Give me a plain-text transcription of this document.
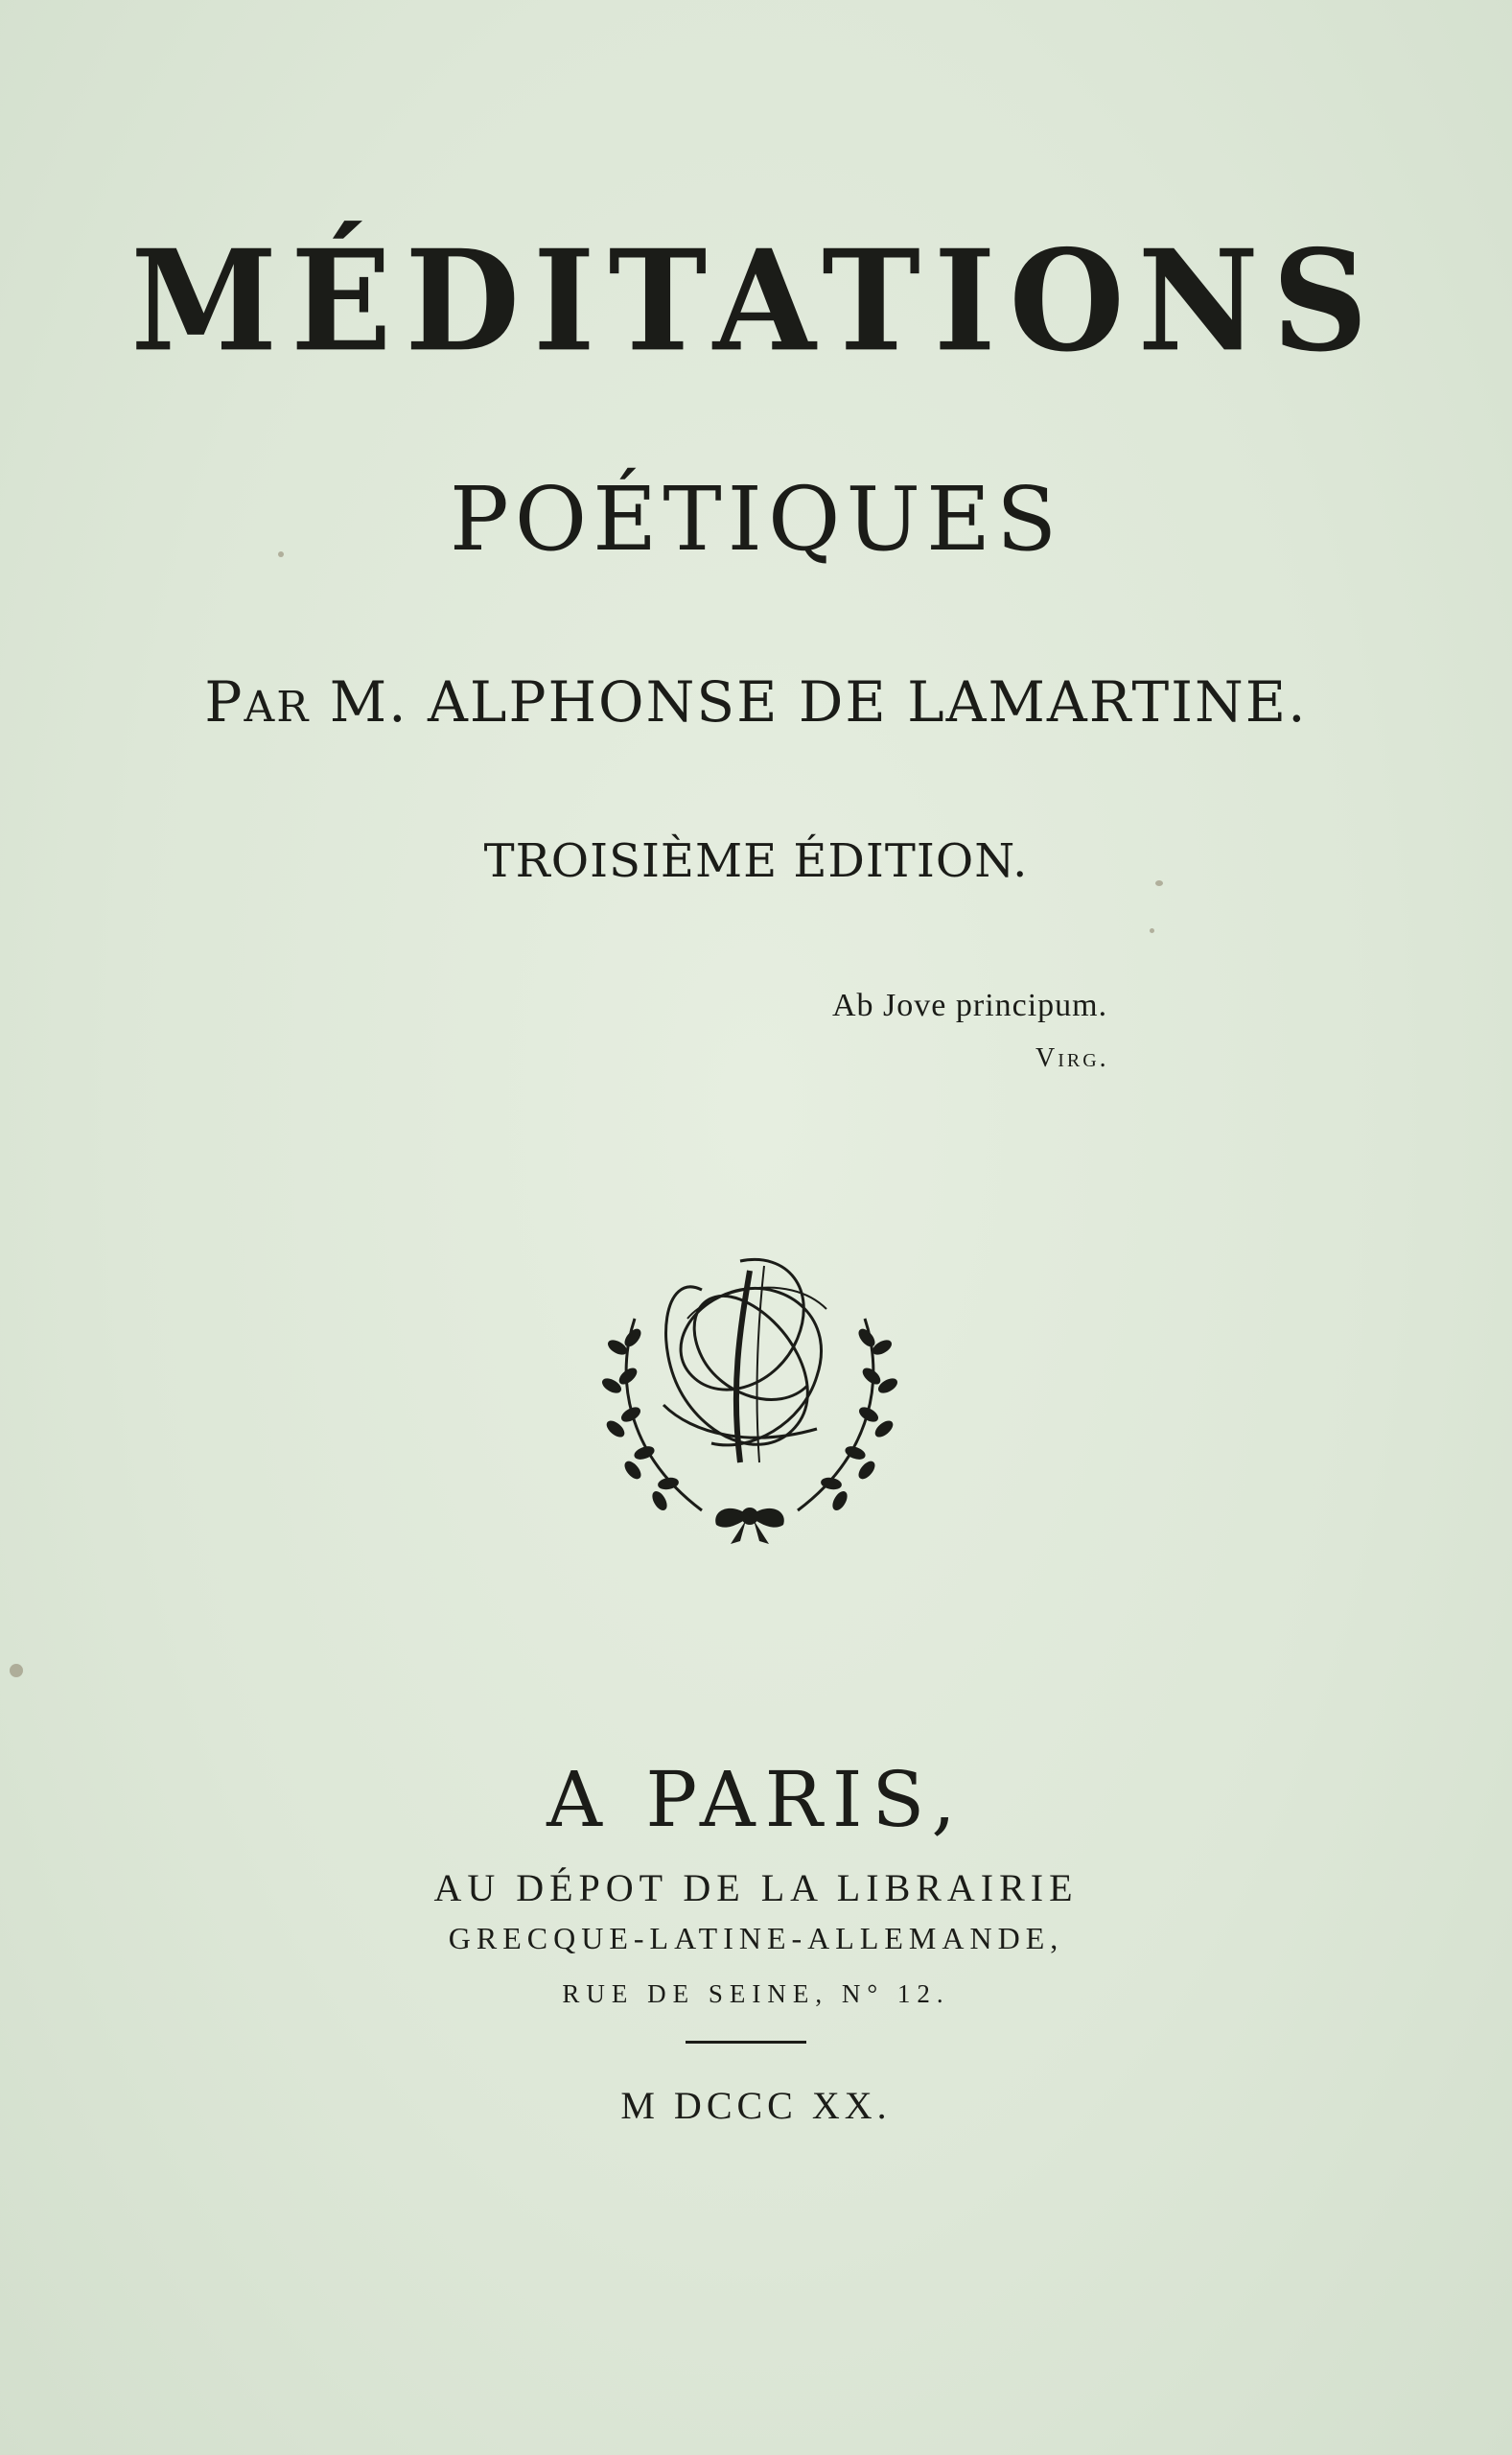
MÉDITATIONS
POÉTIQUES
PAR M. ALPHONSE DE LAMARTINE.
TROISIÈME ÉDITION.
Ab Jove principum.
Virg.
A PARIS,
AU DÉPOT DE LA LIBRAIRIE
GRECQUE-LATINE-ALLEMANDE,
RUE DE SEINE, N° 12.
M DCCC XX.
